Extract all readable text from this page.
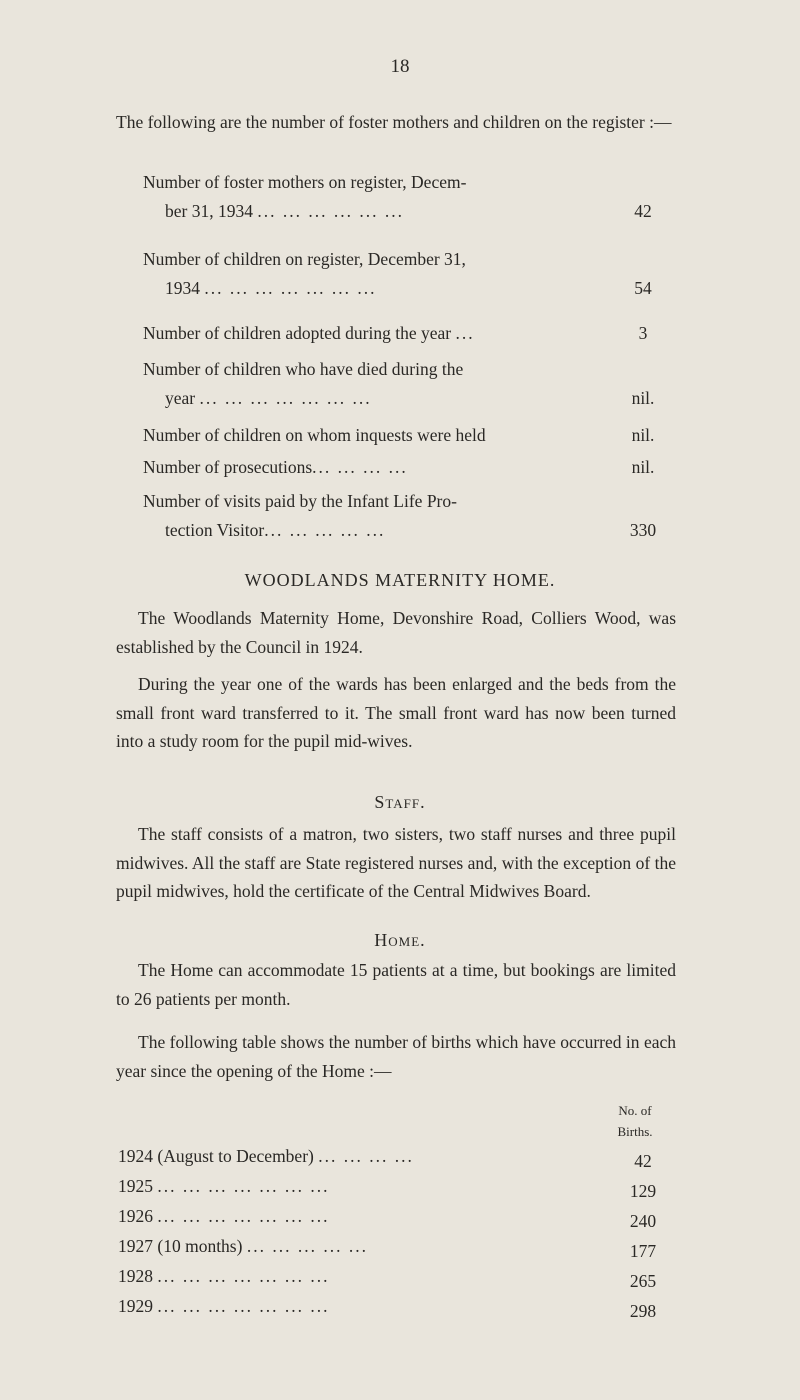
18
The following are the number of foster mothers and children on the register :—
Number of foster mothers on register, Decem-
ber 31, 1934 ... ... ... ... ... ...	42
Number of children on register, December 31,
1934 ... ... ... ... ... ... ...	54
Number of children adopted during the year ...	3
Number of children who have died during the
year ... ... ... ... ... ... ...	nil.
Number of children on whom inquests were held	nil.
Number of prosecutions... ... ... ...	nil.
Number of visits paid by the Infant Life Pro-
tection Visitor... ... ... ... ...	330
WOODLANDS MATERNITY HOME.
The Woodlands Maternity Home, Devonshire Road, Colliers Wood, was established by the Council in 1924.
During the year one of the wards has been enlarged and the beds from the small front ward transferred to it. The small front ward has now been turned into a study room for the pupil mid-wives.
Staff.
The staff consists of a matron, two sisters, two staff nurses and three pupil midwives. All the staff are State registered nurses and, with the exception of the pupil midwives, hold the certificate of the Central Midwives Board.
Home.
The Home can accommodate 15 patients at a time, but bookings are limited to 26 patients per month.
The following table shows the number of births which have occurred in each year since the opening of the Home :—
No. of
Births.
1924 (August to December) ... ... ... ...	42
1925 ... ... ... ... ... ... ...	129
1926 ... ... ... ... ... ... ...	240
1927 (10 months) ... ... ... ... ...	177
1928 ... ... ... ... ... ... ...	265
1929 ... ... ... ... ... ... ...	298
